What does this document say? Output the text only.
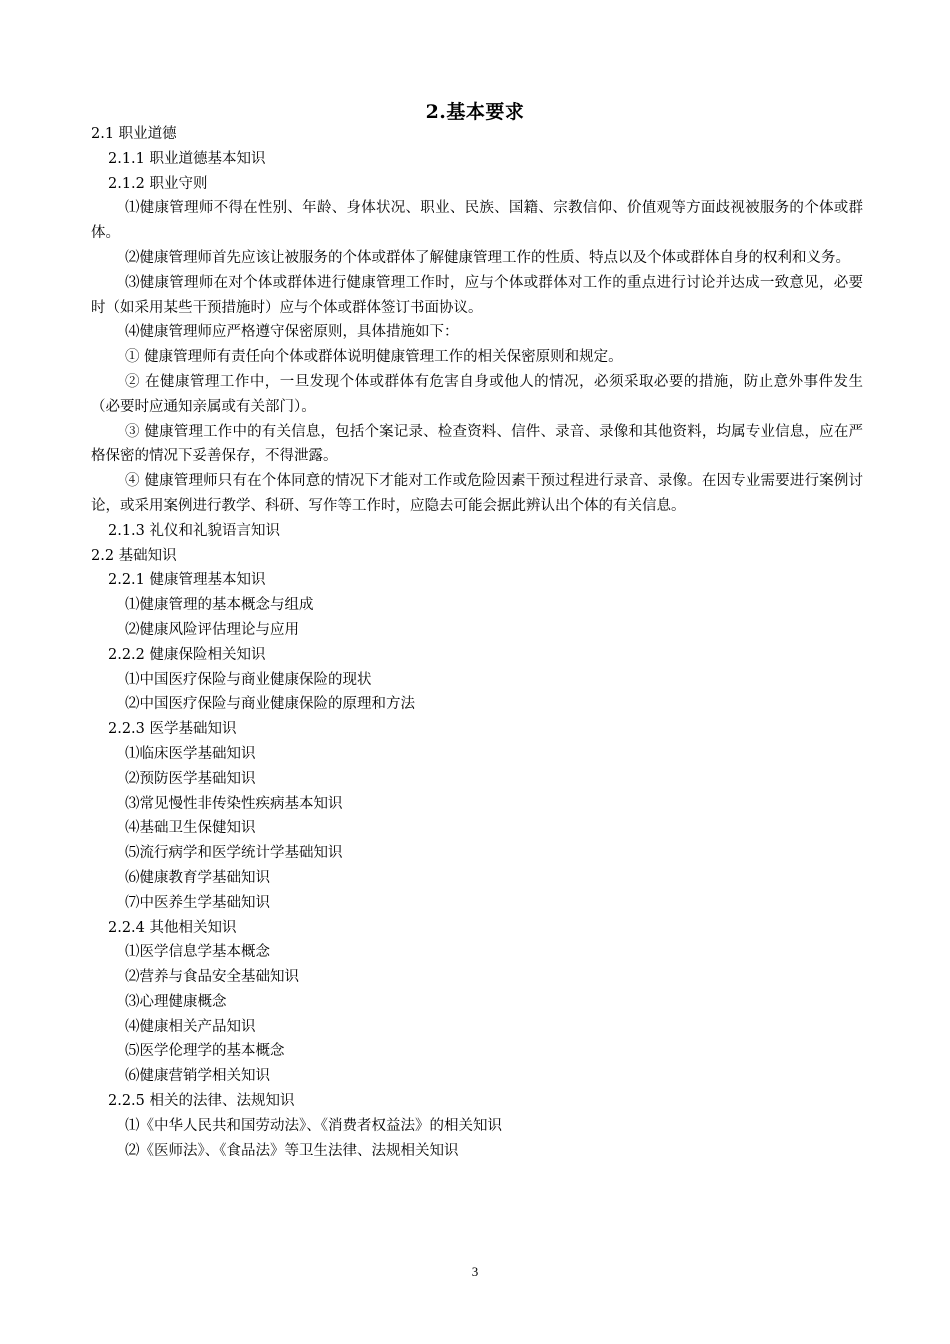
2.基本要求
2.1 职业道德
2.1.1 职业道德基本知识
2.1.2 职业守则
⑴健康管理师不得在性别、年龄、身体状况、职业、民族、国籍、宗教信仰、价值观等方面歧视被服务的个体或群体。
⑵健康管理师首先应该让被服务的个体或群体了解健康管理工作的性质、特点以及个体或群体自身的权利和义务。
⑶健康管理师在对个体或群体进行健康管理工作时，应与个体或群体对工作的重点进行讨论并达成一致意见，必要时（如采用某些干预措施时）应与个体或群体签订书面协议。
⑷健康管理师应严格遵守保密原则，具体措施如下：
① 健康管理师有责任向个体或群体说明健康管理工作的相关保密原则和规定。
② 在健康管理工作中，一旦发现个体或群体有危害自身或他人的情况，必须采取必要的措施，防止意外事件发生（必要时应通知亲属或有关部门）。
③ 健康管理工作中的有关信息，包括个案记录、检查资料、信件、录音、录像和其他资料，均属专业信息，应在严格保密的情况下妥善保存，不得泄露。
④ 健康管理师只有在个体同意的情况下才能对工作或危险因素干预过程进行录音、录像。在因专业需要进行案例讨论，或采用案例进行教学、科研、写作等工作时，应隐去可能会据此辨认出个体的有关信息。
2.1.3 礼仪和礼貌语言知识
2.2 基础知识
2.2.1 健康管理基本知识
⑴健康管理的基本概念与组成
⑵健康风险评估理论与应用
2.2.2 健康保险相关知识
⑴中国医疗保险与商业健康保险的现状
⑵中国医疗保险与商业健康保险的原理和方法
2.2.3 医学基础知识
⑴临床医学基础知识
⑵预防医学基础知识
⑶常见慢性非传染性疾病基本知识
⑷基础卫生保健知识
⑸流行病学和医学统计学基础知识
⑹健康教育学基础知识
⑺中医养生学基础知识
2.2.4 其他相关知识
⑴医学信息学基本概念
⑵营养与食品安全基础知识
⑶心理健康概念
⑷健康相关产品知识
⑸医学伦理学的基本概念
⑹健康营销学相关知识
2.2.5 相关的法律、法规知识
⑴《中华人民共和国劳动法》、《消费者权益法》的相关知识
⑵《医师法》、《食品法》等卫生法律、法规相关知识
3
